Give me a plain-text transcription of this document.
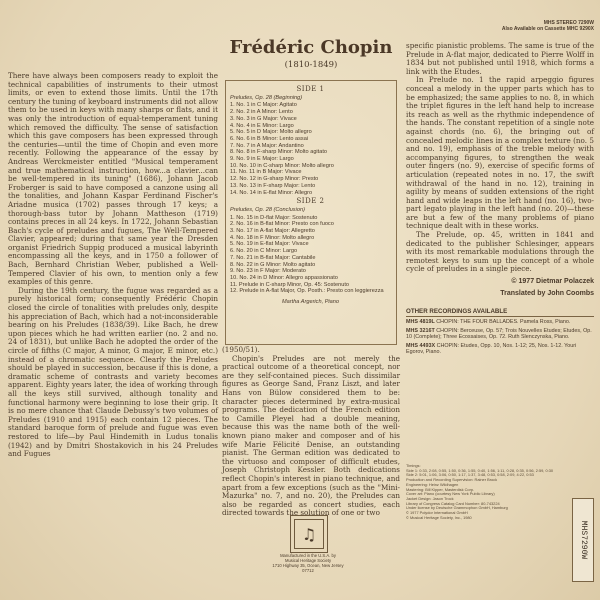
There have always been composers ready to exploit the technical capabilities of instruments to their utmost limits, or even to extend those limits. Until the 17th century the tuning of keyboard instruments did not allow them to be used in keys with many sharps or flats, and it was only the introduction of equal-temperament tuning which removed the difficulty. The sense of satisfaction which this gave composers has been expressed through the centuries—until the time of Chopin and even more recently. Following the appearance of the essay by Andreas Werckmeister entitled "Musical temperament and true mathematical instruction, how...a clavier...can be well-tempered in its tuning" (1686), Johann Jacob Froberger is said to have composed a canzone using all the tonalities, and Johann Kaspar Ferdinand Fischer's Ariadne musica (1702) passes through 17 keys; a thorough-bass tutor by Johann Mattheson (1719) contains preces in all 24 keys. In 1722, Johann Sebastian Bach's cycle of preludes and fugues, The Well-Tempered Clavier, appeared; during that same year the Dresden organist Friedrich Suppig produced a musical labyrinth encompassing all the keys, and in 1750 a follower of Bach, Bernhard Christian Weber, published a Well-Tempered Clavier of his own, to mention only a few examples of this genre.

During the 19th century, the fugue was regarded as a purely historical form; consequently Frédéric Chopin closed the circle of tonalities with preludes only, despite his appreciation of Bach, which had a not-inconsiderable bearing on his Preludes (1838/39). Like Bach, he drew upon pieces which he had written earlier (no. 2 and no. 24 of 1831), but unlike Bach he adopted the order of the circle of fifths (C major, A minor, G major, E minor, etc.) instead of a chromatic sequence. Clearly the Preludes should be played in succession, because if this is done, a dramatic scheme of contrasts and variety becomes apparent. Eighty years later, the idea of working through all the keys still survived, although tonality and functional harmony were beginning to lose their grip. It is no mere chance that Claude Debussy's two volumes of Preludes (1910 and 1915) each contain 12 pieces. The standard baroque form of prelude and fugue was even restored to life—by Paul Hindemith in Ludus tonalis (1942) and by Dmitri Shostakovich in his 24 Preludes and Fugues

Frédéric Chopin
(1810-1849)
SIDE 1
Preludes, Op. 28 (Beginning)
1. No. 1 in C Major: Agitato
2. No. 2 in A Minor: Lento
3. No. 3 in G Major: Vivace
4. No. 4 in E Minor: Largo
5. No. 5 in D Major: Molto allegro
6. No. 6 in B Minor: Lento assai
7. No. 7 in A Major: Andantino
8. No. 8 in F-sharp Minor: Molto agitato
9. No. 9 in E Major: Largo
10. No. 10 in C-sharp Minor: Molto allegro
11. No. 11 in B Major: Vivace
12. No. 12 in G-sharp Minor: Presto
13. No. 13 in F-sharp Major: Lento
14. No. 14 in E-flat Minor: Allegro
SIDE 2
Preludes, Op. 28 (Conclusion)
1. No. 15 in D-flat Major: Sostenuto
2. No. 16 in B-flat Minor: Presto con fuoco
3. No. 17 in A-flat Major: Allegretto
4. No. 18 in F Minor: Molto allegro
5. No. 19 in E-flat Major: Vivace
6. No. 20 in C Minor: Largo
7. No. 21 in B-flat Major: Cantabile
8. No. 22 in G Minor: Molto agitato
9. No. 23 in F Major: Moderato
10. No. 24 in D Minor: Allegro appassionato
11. Prelude in C-sharp Minor, Op. 45: Sostenuto
12. Prelude in A-flat Major, Op. Posth.: Presto con leggierezza
Martha Argerich, Piano

(1950/51).

Chopin's Preludes are not merely the practical outcome of a theoretical concept, nor are they self-contained pieces. Such dissimilar figures as George Sand, Franz Liszt, and later Hans von Bülow considered them to be: character pieces determined by extra-musical programs. The dedication of the French edition to Camille Pleyel had a double meaning, because this was the name both of the well-known piano maker and composer and of his wife Marie Félicité Denise, an outstanding pianist. The German edition was dedicated to the virtuoso and composer of difficult etudes, Joseph Christoph Kessler. Both dedications reflect Chopin's interest in piano technique, and apart from a few exceptions (such as the "Mini-Mazurka" no. 7, and no. 20), the Preludes can also be regarded as concert studies, each directed towards the solution of one or two

♫
Manufactured in the U.S.A. by
Musical Heritage Society
1710 Highway 35, Ocean, New Jersey 07712
MHS STEREO 7290W
Also Available on Cassette MHC 9290X

specific pianistic problems. The same is true of the Prelude in A-flat major, dedicated to Pierre Wolff in 1834 but not published until 1918, which forms a link with the Etudes.

In Prelude no. 1 the rapid arpeggio figures conceal a melody in the upper parts which has to be emphasized; the same applies to no. 8, in which the triplet figures in the left hand help to increase its reach as well as the rhythmic independence of the hands. The constant repetition of a single note against chords (no. 6), the bringing out of concealed melodic lines in a complex texture (no. 5 and no. 19), emphasis of the treble melody with accompanying figures, to strengthen the weak outer fingers (no. 9), exercise of specific forms of articulation (repeated notes in no. 17, the swift withdrawal of the hand in no. 12), training in agility by means of sudden extensions of the right hand and wide leaps in the left hand (no. 16), two-part legato playing in the left hand (no. 20)—these are but a few of the many problems of piano technique dealt with in these works.

The Prelude, op. 45, written in 1841 and dedicated to the publisher Schlesinger, appears with its most remarkable modulations through the remotest keys to sum up the concept of a whole cycle of preludes in a single piece.

© 1977 Dietmar Polaczek
Translated by John Coombs
OTHER RECORDINGS AVAILABLE
MHS 4819L CHOPIN: THE FOUR BALLADES. Pamela Ross, Piano.
MHS 3216T CHOPIN: Berceuse, Op. 57; Trois Nouvelles Etudes; Etudes, Op. 10 (Complete); Three Ecossaises, Op. 72. Ruth Slenczynska, Piano.
MHS 4493X CHOPIN: Etudes, Opp. 10, Nos. 1-12; 25, Nos. 1-12. Youri Egorov, Piano.
Timings:
Side 1: 0:33, 2:08, 0:55, 1:50, 0:36, 1:55, 0:40, 1:56, 1:11, 0:28, 0:35, 0:56, 2:59, 0:30
Side 2: 5:01, 1:06, 3:06, 0:50, 1:17, 1:37, 3:48, 0:53, 0:58, 2:09, 4:22, 0:53
Production and Recording Supervision: Rainer Brock
Engineering: Heinz Wildhagen
Mastering: Bill Kipper, Masterdisk Corp.
Cover art: Piano (courtesy New York Public Library)
Jacket Design: Jason Trock
Library of Congress Catalog Card Number: 80-743224
Under license by Deutsche Grammophon GmbH, Hamburg
© 1977 Polydor International GmbH
© Musical Heritage Society, Inc., 1980
MHS7290W
